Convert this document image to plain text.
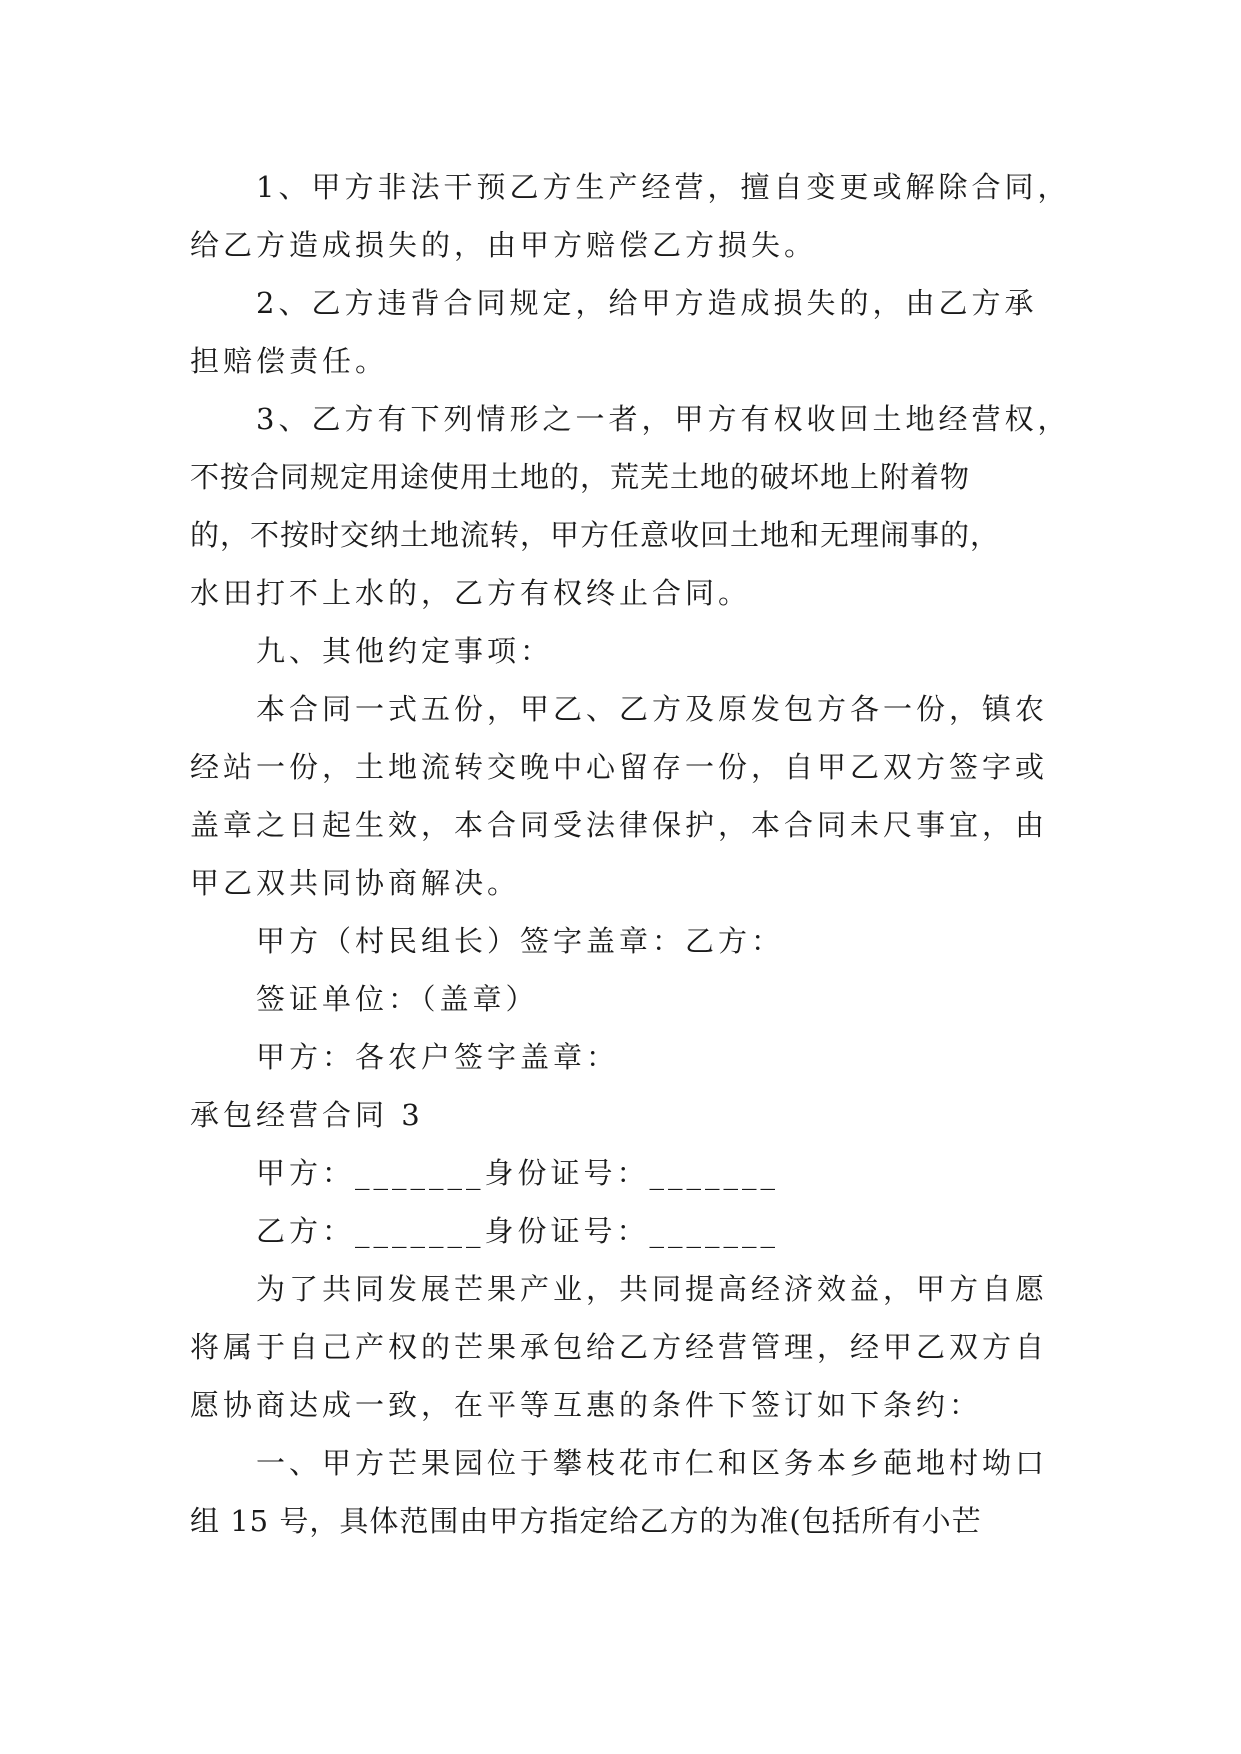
1、甲方非法干预乙方生产经营，擅自变更或解除合同，
给乙方造成损失的，由甲方赔偿乙方损失。
2、乙方违背合同规定，给甲方造成损失的，由乙方承
担赔偿责任。
3、乙方有下列情形之一者，甲方有权收回土地经营权，
不按合同规定用途使用土地的，荒芜土地的破坏地上附着物
的，不按时交纳土地流转，甲方任意收回土地和无理闹事的，
水田打不上水的，乙方有权终止合同。
九、其他约定事项：
本合同一式五份，甲乙、乙方及原发包方各一份，镇农
经站一份，土地流转交晚中心留存一份，自甲乙双方签字或
盖章之日起生效，本合同受法律保护，本合同未尺事宜，由
甲乙双共同协商解决。
甲方（村民组长）签字盖章：乙方：
签证单位：（盖章）
甲方：各农户签字盖章：
承包经营合同 3
甲方：_______身份证号：_______
乙方：_______身份证号：_______
为了共同发展芒果产业，共同提高经济效益，甲方自愿
将属于自己产权的芒果承包给乙方经营管理，经甲乙双方自
愿协商达成一致，在平等互惠的条件下签订如下条约：
一、甲方芒果园位于攀枝花市仁和区务本乡葩地村坳口
组 15 号，具体范围由甲方指定给乙方的为准(包括所有小芒
